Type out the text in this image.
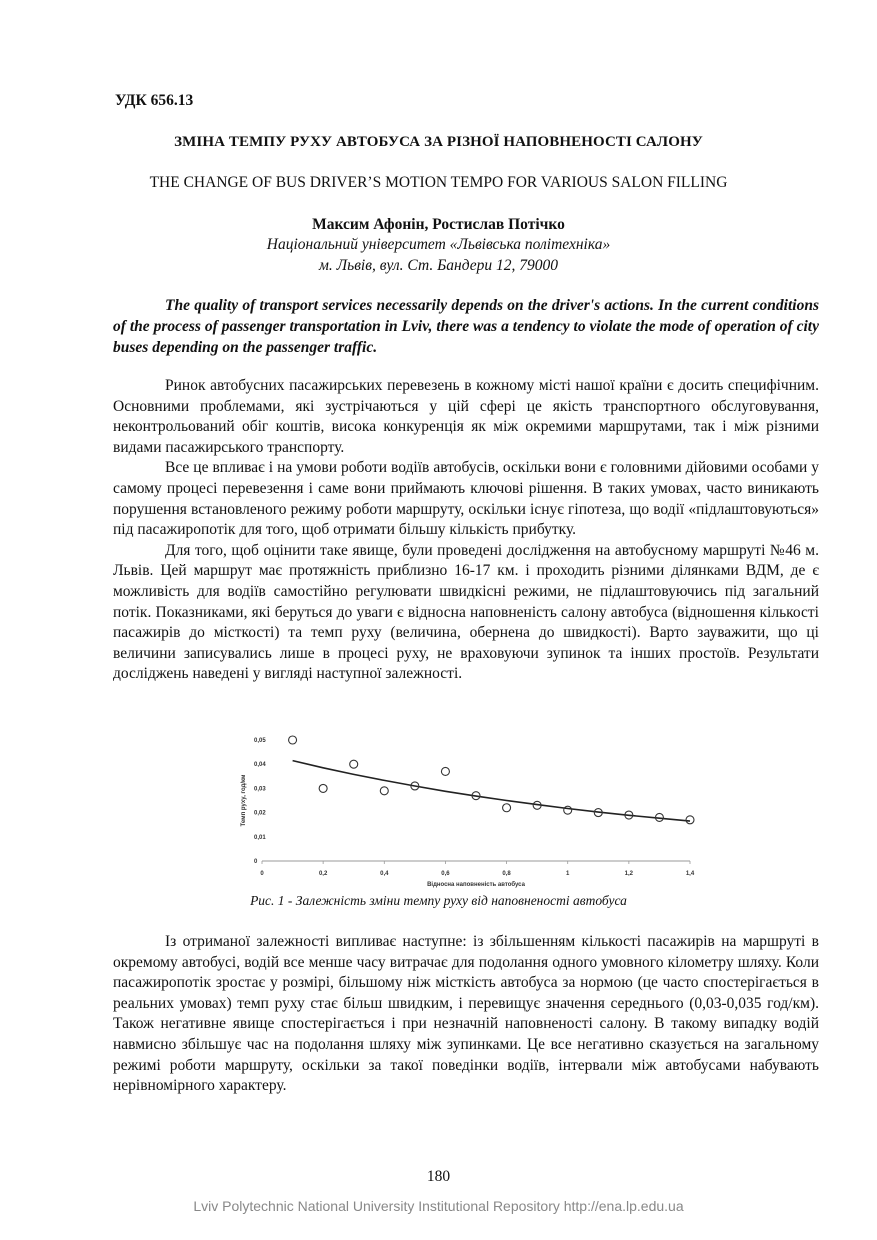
УДК 656.13
ЗМІНА ТЕМПУ РУХУ АВТОБУСА ЗА РІЗНОЇ НАПОВНЕНОСТІ САЛОНУ
THE CHANGE OF BUS DRIVER’S MOTION TEMPO FOR VARIOUS SALON FILLING
Максим Афонін, Ростислав Потічко
Національний університет «Львівська політехніка»
м. Львів, вул. Ст. Бандери 12, 79000

The quality of transport services necessarily depends on the driver's actions. In the current conditions of the process of passenger transportation in Lviv, there was a tendency to violate the mode of operation of city buses depending on the passenger traffic.

Ринок автобусних пасажирських перевезень в кожному місті нашої країни є досить специфічним. Основними проблемами, які зустрічаються у цій сфері це якість транспортного обслуговування, неконтрольований обіг коштів, висока конкуренція як між окремими маршрутами, так і між різними видами пасажирського транспорту.

Все це впливає і на умови роботи водіїв автобусів, оскільки вони є головними дійовими особами у самому процесі перевезення і саме вони приймають ключові рішення. В таких умовах, часто виникають порушення встановленого режиму роботи маршруту, оскільки існує гіпотеза, що водії «підлаштовуються» під пасажиропотік для того, щоб отримати більшу кількість прибутку.

Для того, щоб оцінити таке явище, були проведені дослідження на автобусному маршруті №46 м. Львів. Цей маршрут має протяжність приблизно 16-17 км. і проходить різними ділянками ВДМ, де є можливість для водіїв самостійно регулювати швидкісні режими, не підлаштовуючись під загальний потік. Показниками, які беруться до уваги є відносна наповненість салону автобуса (відношення кількості пасажирів до місткості) та темп руху (величина, обернена до швидкості). Варто зауважити, що ці величини записувались лише в процесі руху, не враховуючи зупинок та інших простоїв. Результати досліджень наведені у вигляді наступної залежності.

0	0,2	0,4	0,6	0,8	1	1,2	1,4
0
0,01
0,02
0,03
0,04
0,05
Відносна наповненість автобуса
Темп руху, год/км
Рис. 1 - Залежність зміни темпу руху від наповненості автобуса

Із отриманої залежності випливає наступне: із збільшенням кількості пасажирів на маршруті в окремому автобусі, водій все менше часу витрачає для подолання одного умовного кілометру шляху. Коли пасажиропотік зростає у розмірі, більшому ніж місткість автобуса за нормою (це часто спостерігається в реальних умовах) темп руху стає більш швидким, і перевищує значення середнього (0,03-0,035 год/км). Також негативне явище спостерігається і при незначній наповненості салону. В такому випадку водій навмисно збільшує час на подолання шляху між зупинками. Це все негативно сказується на загальному режимі роботи маршруту, оскільки за такої поведінки водіїв, інтервали між автобусами набувають нерівномірного характеру.

180
Lviv Polytechnic National University Institutional Repository http://ena.lp.edu.ua
